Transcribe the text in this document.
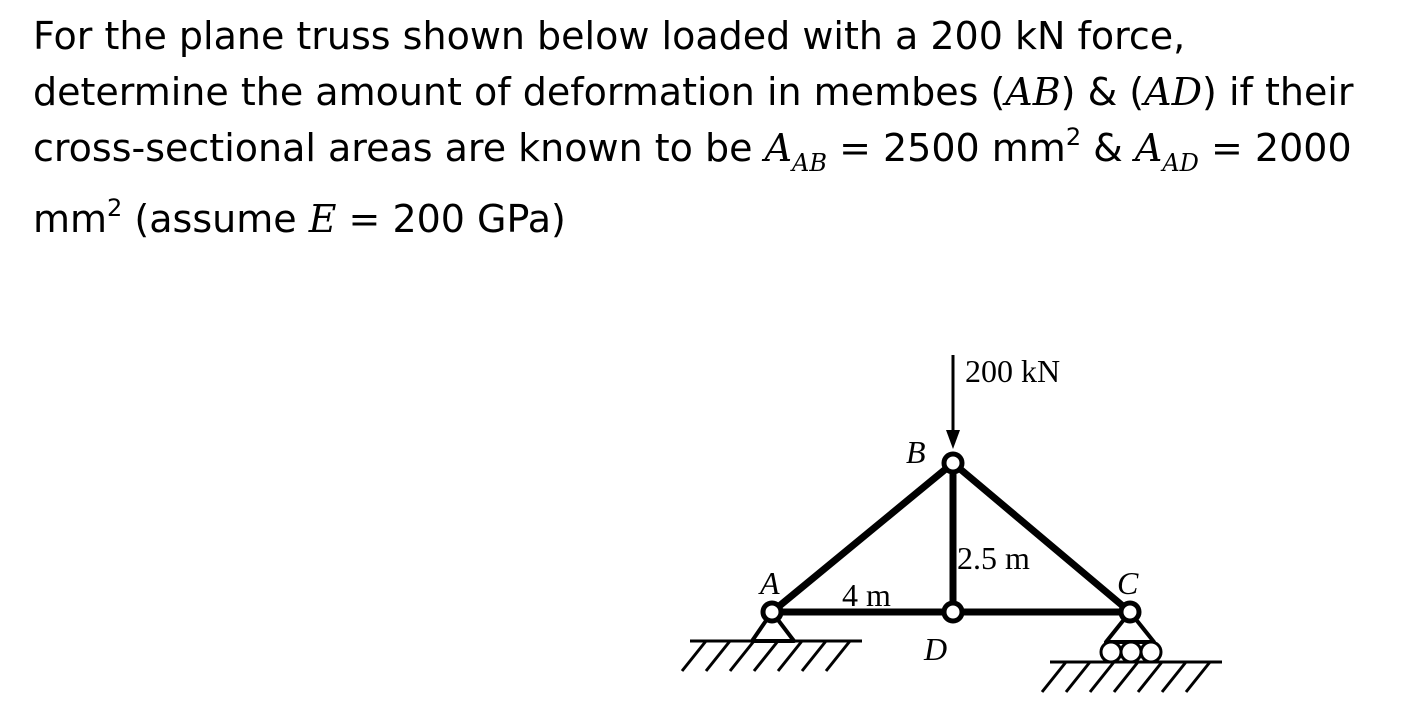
For the plane truss shown below loaded with a 200 kN force, determine the amount of deformation in membes (AB) & (AD) if their cross-sectional areas are known to be $A_{AB} = 2500$ $mm^2$ & $A_{AD} = 2000$ $mm^2$ (assume E = 200 GPa)

200 kN
B
A	C
D
4 m
2.5 m
